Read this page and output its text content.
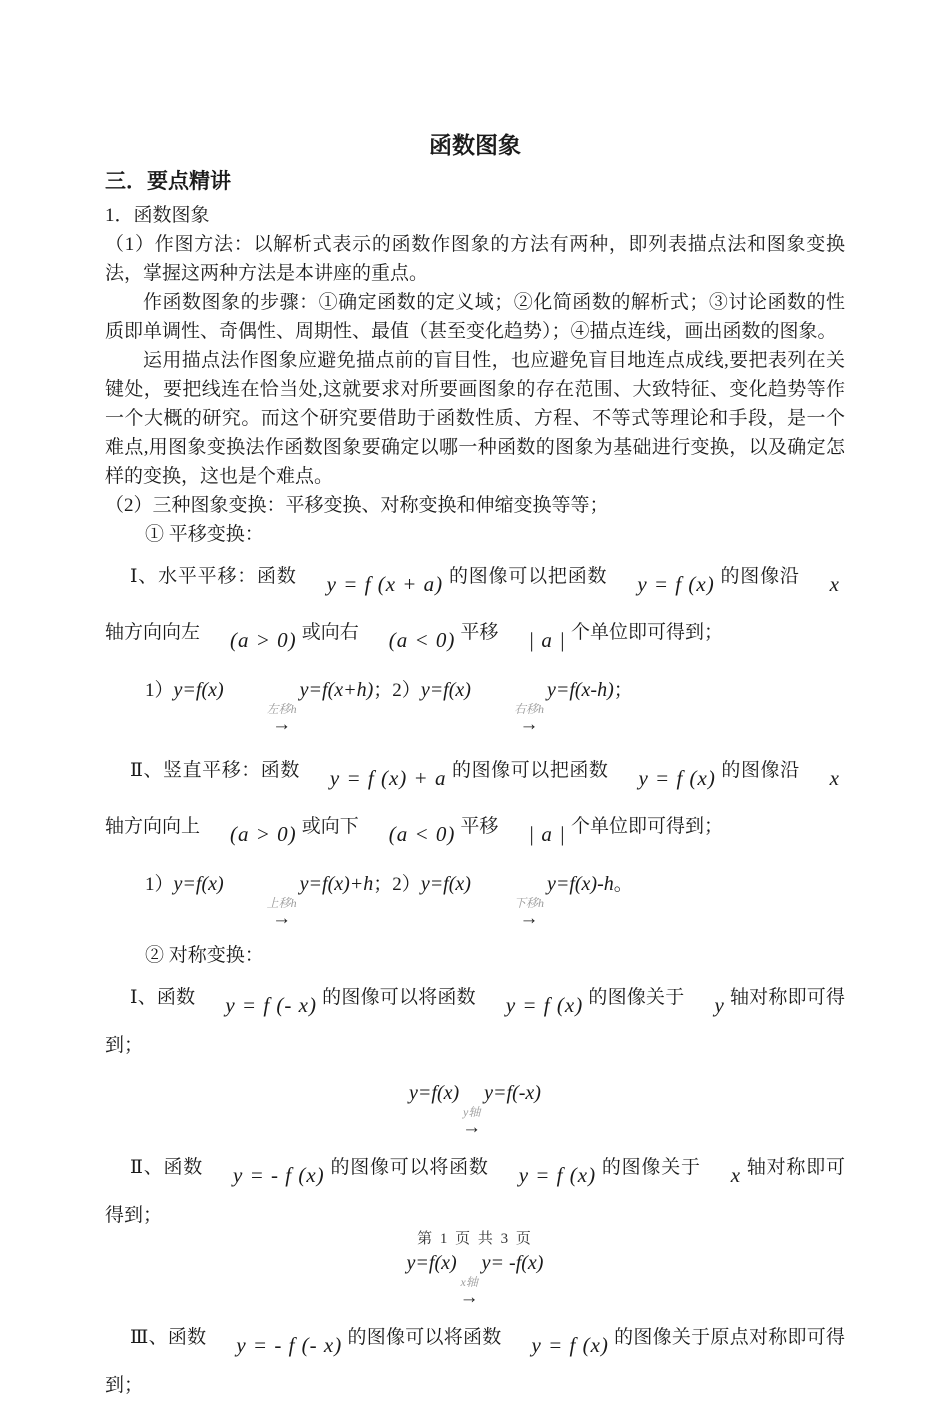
函数图象
三．要点精讲
1．函数图象
（1）作图方法：以解析式表示的函数作图象的方法有两种，即列表描点法和图象变换法，掌握这两种方法是本讲座的重点。
作函数图象的步骤：①确定函数的定义域；②化简函数的解析式；③讨论函数的性质即单调性、奇偶性、周期性、最值（甚至变化趋势）；④描点连线，画出函数的图象。
运用描点法作图象应避免描点前的盲目性，也应避免盲目地连点成线,要把表列在关键处，要把线连在恰当处,这就要求对所要画图象的存在范围、大致特征、变化趋势等作一个大概的研究。而这个研究要借助于函数性质、方程、不等式等理论和手段，是一个难点,用图象变换法作函数图象要确定以哪一种函数的图象为基础进行变换，以及确定怎样的变换，这也是个难点。
（2）三种图象变换：平移变换、对称变换和伸缩变换等等；
① 平移变换：
Ⅰ、水平平移：函数 y = f (x + a) 的图像可以把函数 y = f (x) 的图像沿 x轴方向向左 (a > 0) 或向右 (a < 0) 平移 | a | 个单位即可得到；
1）y=f(x)
左移h
→
y=f(x+h)；2）y=f(x)
右移h
→
y=f(x-h)；
Ⅱ、竖直平移：函数 y = f (x) + a 的图像可以把函数 y = f (x) 的图像沿 x轴方向向上 (a > 0) 或向下 (a < 0) 平移 | a | 个单位即可得到；
1）y=f(x)
上移h
→
y=f(x)+h；2）y=f(x)
下移h
→
y=f(x)-h。
② 对称变换：
Ⅰ、函数 y = f (- x) 的图像可以将函数 y = f (x) 的图像关于 y 轴对称即可得到；
y=f(x)
y轴
→
y=f(-x)
Ⅱ、函数 y = - f (x) 的图像可以将函数 y = f (x) 的图像关于 x 轴对称即可得到；
y=f(x)
x轴
→
y= -f(x)
Ⅲ、函数 y = - f (- x) 的图像可以将函数 y = f (x) 的图像关于原点对称即可得到；
第 1 页 共 3 页
